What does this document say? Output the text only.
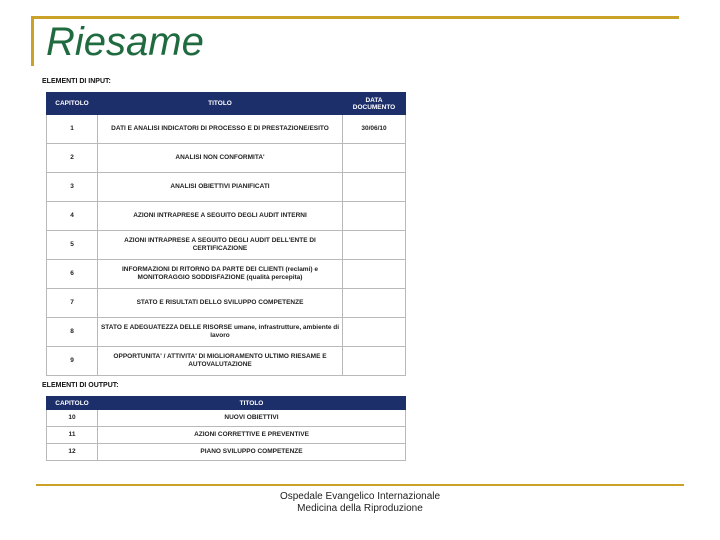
Riesame
ELEMENTI DI INPUT:
CAPITOLO	TITOLO	DATA DOCUMENTO
1	DATI E ANALISI INDICATORI DI PROCESSO E DI PRESTAZIONE/ESITO	30/06/10
2	ANALISI NON CONFORMITA'	
3	ANALISI OBIETTIVI PIANIFICATI	
4	AZIONI INTRAPRESE A SEGUITO DEGLI AUDIT INTERNI	
5	AZIONI INTRAPRESE A SEGUITO DEGLI AUDIT DELL'ENTE DI CERTIFICAZIONE	
6	INFORMAZIONI DI RITORNO DA PARTE DEI CLIENTI (reclami) e MONITORAGGIO SODDISFAZIONE (qualità percepita)	
7	STATO E RISULTATI DELLO SVILUPPO COMPETENZE	
8	STATO E ADEGUATEZZA DELLE RISORSE umane, infrastrutture, ambiente di lavoro	
9	OPPORTUNITA' / ATTIVITA' DI MIGLIORAMENTO ULTIMO RIESAME E AUTOVALUTAZIONE	
ELEMENTI DI OUTPUT:
CAPITOLO	TITOLO
10	NUOVI OBIETTIVI
11	AZIONI CORRETTIVE E PREVENTIVE
12	PIANO SVILUPPO COMPETENZE
Ospedale Evangelico Internazionale
Medicina della Riproduzione
